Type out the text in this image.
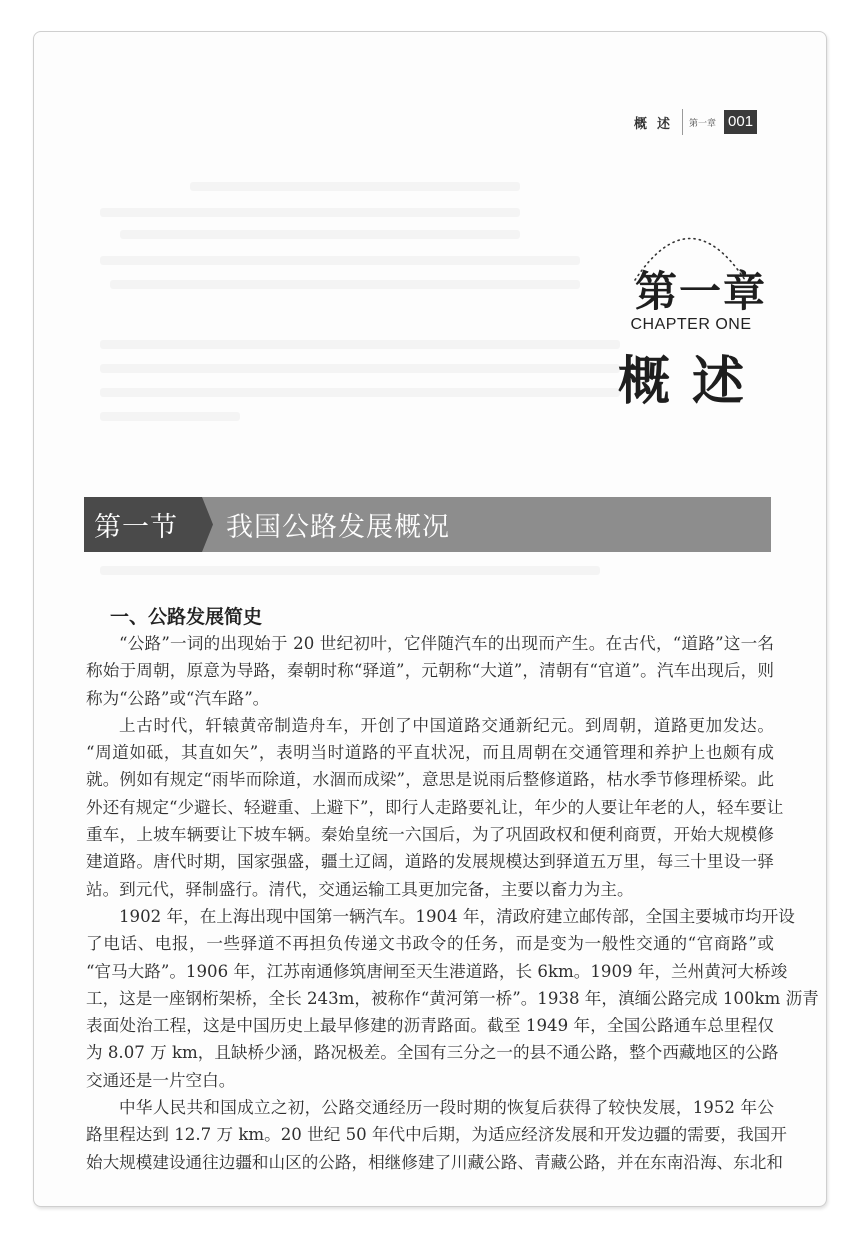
概述 第一章 001
第一章
CHAPTER ONE
概述
第一节 我国公路发展概况
一、公路发展简史
“公路”一词的出现始于 20 世纪初叶，它伴随汽车的出现而产生。在古代，“道路”这一名
称始于周朝，原意为导路，秦朝时称“驿道”，元朝称“大道”，清朝有“官道”。汽车出现后，则
称为“公路”或“汽车路”。
上古时代，轩辕黄帝制造舟车，开创了中国道路交通新纪元。到周朝，道路更加发达。
“周道如砥，其直如矢”，表明当时道路的平直状况，而且周朝在交通管理和养护上也颇有成
就。例如有规定“雨毕而除道，水涸而成梁”，意思是说雨后整修道路，枯水季节修理桥梁。此
外还有规定“少避长、轻避重、上避下”，即行人走路要礼让，年少的人要让年老的人，轻车要让
重车，上坡车辆要让下坡车辆。秦始皇统一六国后，为了巩固政权和便利商贾，开始大规模修
建道路。唐代时期，国家强盛，疆土辽阔，道路的发展规模达到驿道五万里，每三十里设一驿
站。到元代，驿制盛行。清代，交通运输工具更加完备，主要以畜力为主。
1902 年，在上海出现中国第一辆汽车。1904 年，清政府建立邮传部，全国主要城市均开设
了电话、电报，一些驿道不再担负传递文书政令的任务，而是变为一般性交通的“官商路”或
“官马大路”。1906 年，江苏南通修筑唐闸至天生港道路，长 6km。1909 年，兰州黄河大桥竣
工，这是一座钢桁架桥，全长 243m，被称作“黄河第一桥”。1938 年，滇缅公路完成 100km 沥青
表面处治工程，这是中国历史上最早修建的沥青路面。截至 1949 年，全国公路通车总里程仅
为 8.07 万 km，且缺桥少涵，路况极差。全国有三分之一的县不通公路，整个西藏地区的公路
交通还是一片空白。
中华人民共和国成立之初，公路交通经历一段时期的恢复后获得了较快发展，1952 年公
路里程达到 12.7 万 km。20 世纪 50 年代中后期，为适应经济发展和开发边疆的需要，我国开
始大规模建设通往边疆和山区的公路，相继修建了川藏公路、青藏公路，并在东南沿海、东北和
